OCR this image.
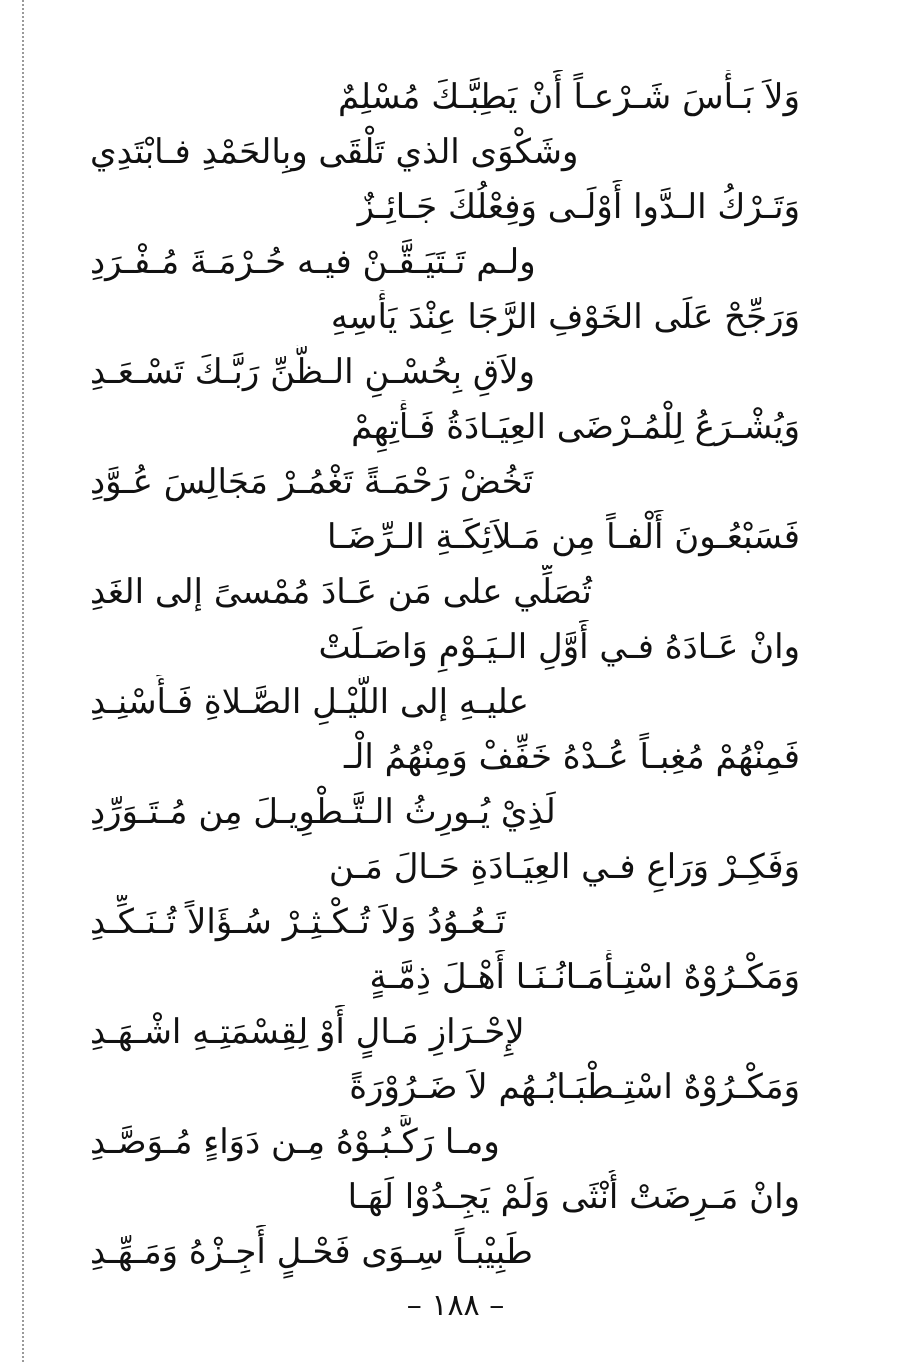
وَلاَ بَـأْسَ شَـرْعـاً أَنْ يَطِبَّـكَ مُسْلِمٌ
وشَكْوَى الذي تَلْقَى وبِالحَمْدِ فـابْتَدِي
وَتَـرْكُ الـدَّوا أَوْلَـى وَفِعْلُكَ جَـائِـزٌ
ولـم تَـتَيَـقَّـنْ فيـه حُـرْمَـةَ مُـفْـرَدِ
وَرَجِّحْ عَلَى الخَوْفِ الرَّجَا عِنْدَ يَأْسِهِ
ولاَقِ بِحُسْـنِ الـظَّنِّ رَبَّـكَ تَسْـعَـدِ
وَيُشْـرَعُ لِلْمُـرْضَى العِيَـادَةُ فَـأْتِهِمْ
تَخُضْ رَحْمَـةً تَغْمُـرْ مَجَالِسَ عُـوَّدِ
فَسَبْعُـونَ أَلْفـاً مِن مَـلاَئِكَـةِ الـرِّضَـا
تُصَلِّي على مَن عَـادَ مُمْسىً إلى الغَدِ
وانْ عَـادَهُ فـي أَوَّلِ الـيَـوْمِ وَاصَـلَتْ
عليـهِ إلى اللَّيْـلِ الصَّـلاةِ فَـأَسْنِـدِ
فَمِنْهُمْ مُغِبـاً عُـدْهُ خَفِّفْ وَمِنْهُمُ الْـ
لَذِيْ يُـورِثُ الـتَّـطْوِيـلَ مِن مُـتَـوَرِّدِ
وَفَكِـرْ وَرَاعِ فـي العِيَـادَةِ حَـالَ مَـن
تَـعُـوُدُ وَلاَ تُـكْـثِـرْ سُـؤَالاً تُـنَـكِّـدِ
وَمَكْـرُوْهٌ اسْتِـأْمَـانُـنَـا أَهْـلَ ذِمَّـةٍ
لإِحْـرَازِ مَـالٍ أَوْ لِقِسْمَتِـهِ اشْـهَـدِ
وَمَكْـرُوْهٌ اسْتِـطْبَـابُـهُم لاَ ضَـرُوْرَةً
ومـا رَكَّـبُـوْهُ مِـن دَوَاءٍ مُـوَصَّـدِ
وانْ مَـرِضَتْ أُنْثَى وَلَمْ يَجِـدُوْا لَهَـا
طَبِيْبـاً سِـوَى فَحْـلٍ أَجِـزْهُ وَمَـهِّـدِ
– ١٨٨ –
